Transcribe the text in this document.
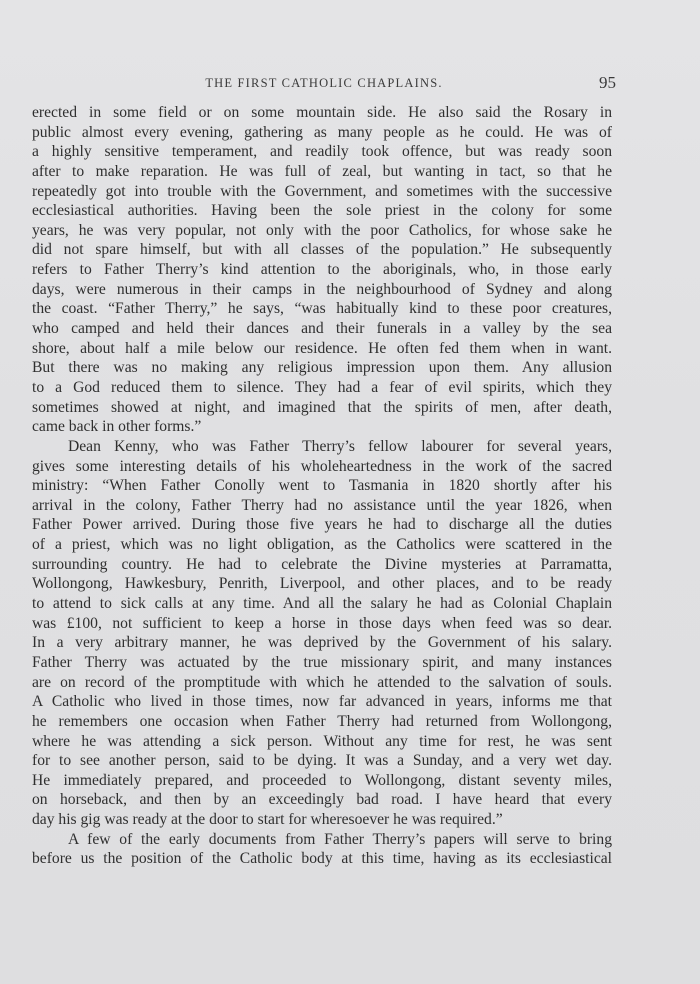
THE FIRST CATHOLIC CHAPLAINS.	95
erected in some field or on some mountain side. He also said the Rosary in
public almost every evening, gathering as many people as he could. He was of
a highly sensitive temperament, and readily took offence, but was ready soon
after to make reparation. He was full of zeal, but wanting in tact, so that he
repeatedly got into trouble with the Government, and sometimes with the successive
ecclesiastical authorities. Having been the sole priest in the colony for some
years, he was very popular, not only with the poor Catholics, for whose sake he
did not spare himself, but with all classes of the population.” He subsequently
refers to Father Therry’s kind attention to the aboriginals, who, in those early
days, were numerous in their camps in the neighbourhood of Sydney and along
the coast. “Father Therry,” he says, “was habitually kind to these poor creatures,
who camped and held their dances and their funerals in a valley by the sea
shore, about half a mile below our residence. He often fed them when in want.
But there was no making any religious impression upon them. Any allusion
to a God reduced them to silence. They had a fear of evil spirits, which they
sometimes showed at night, and imagined that the spirits of men, after death,
came back in other forms.”
Dean Kenny, who was Father Therry’s fellow labourer for several years,
gives some interesting details of his wholeheartedness in the work of the sacred
ministry: “When Father Conolly went to Tasmania in 1820 shortly after his
arrival in the colony, Father Therry had no assistance until the year 1826, when
Father Power arrived. During those five years he had to discharge all the duties
of a priest, which was no light obligation, as the Catholics were scattered in the
surrounding country. He had to celebrate the Divine mysteries at Parramatta,
Wollongong, Hawkesbury, Penrith, Liverpool, and other places, and to be ready
to attend to sick calls at any time. And all the salary he had as Colonial Chaplain
was £100, not sufficient to keep a horse in those days when feed was so dear.
In a very arbitrary manner, he was deprived by the Government of his salary.
Father Therry was actuated by the true missionary spirit, and many instances
are on record of the promptitude with which he attended to the salvation of souls.
A Catholic who lived in those times, now far advanced in years, informs me that
he remembers one occasion when Father Therry had returned from Wollongong,
where he was attending a sick person. Without any time for rest, he was sent
for to see another person, said to be dying. It was a Sunday, and a very wet day.
He immediately prepared, and proceeded to Wollongong, distant seventy miles,
on horseback, and then by an exceedingly bad road. I have heard that every
day his gig was ready at the door to start for wheresoever he was required.”
A few of the early documents from Father Therry’s papers will serve to bring
before us the position of the Catholic body at this time, having as its ecclesiastical
